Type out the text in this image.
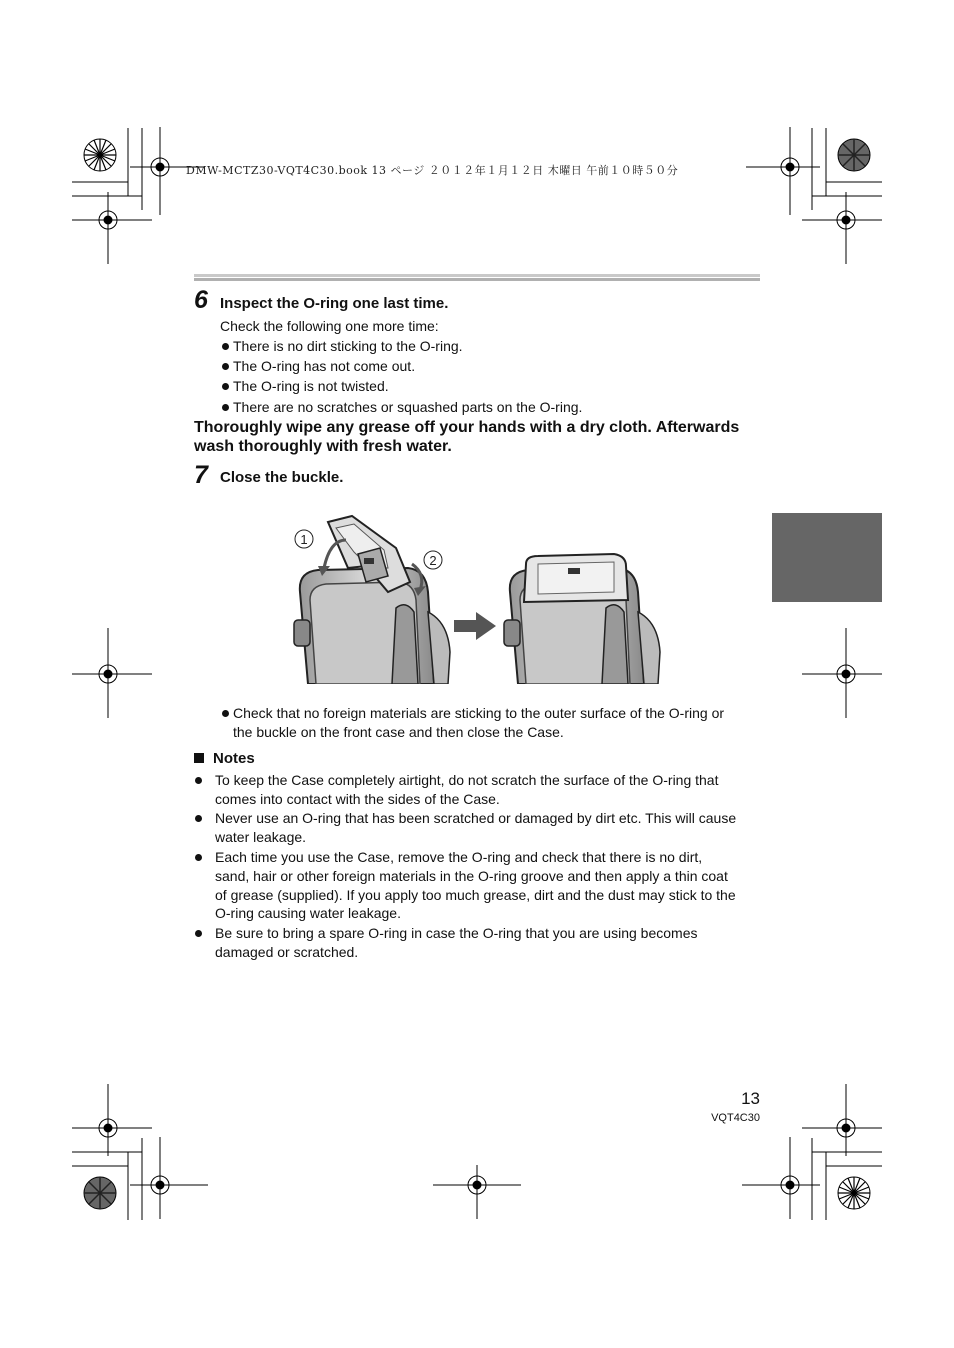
DMW-MCTZ30-VQT4C30.book 13 ページ ２０１２年１月１２日 木曜日 午前１０時５０分
6 Inspect the O-ring one last time.
Check the following one more time:
There is no dirt sticking to the O-ring.
The O-ring has not come out.
The O-ring is not twisted.
There are no scratches or squashed parts on the O-ring.
Thoroughly wipe any grease off your hands with a dry cloth. Afterwards wash thoroughly with fresh water.
7 Close the buckle.
1
2
Check that no foreign materials are sticking to the outer surface of the O-ring or
the buckle on the front case and then close the Case.
Notes
To keep the Case completely airtight, do not scratch the surface of the O-ring that
comes into contact with the sides of the Case.
Never use an O-ring that has been scratched or damaged by dirt etc. This will cause
water leakage.
Each time you use the Case, remove the O-ring and check that there is no dirt,
sand, hair or other foreign materials in the O-ring groove and then apply a thin coat
of grease (supplied). If you apply too much grease, dirt and the dust may stick to the
O-ring causing water leakage.
Be sure to bring a spare O-ring in case the O-ring that you are using becomes
damaged or scratched.
13
VQT4C30
